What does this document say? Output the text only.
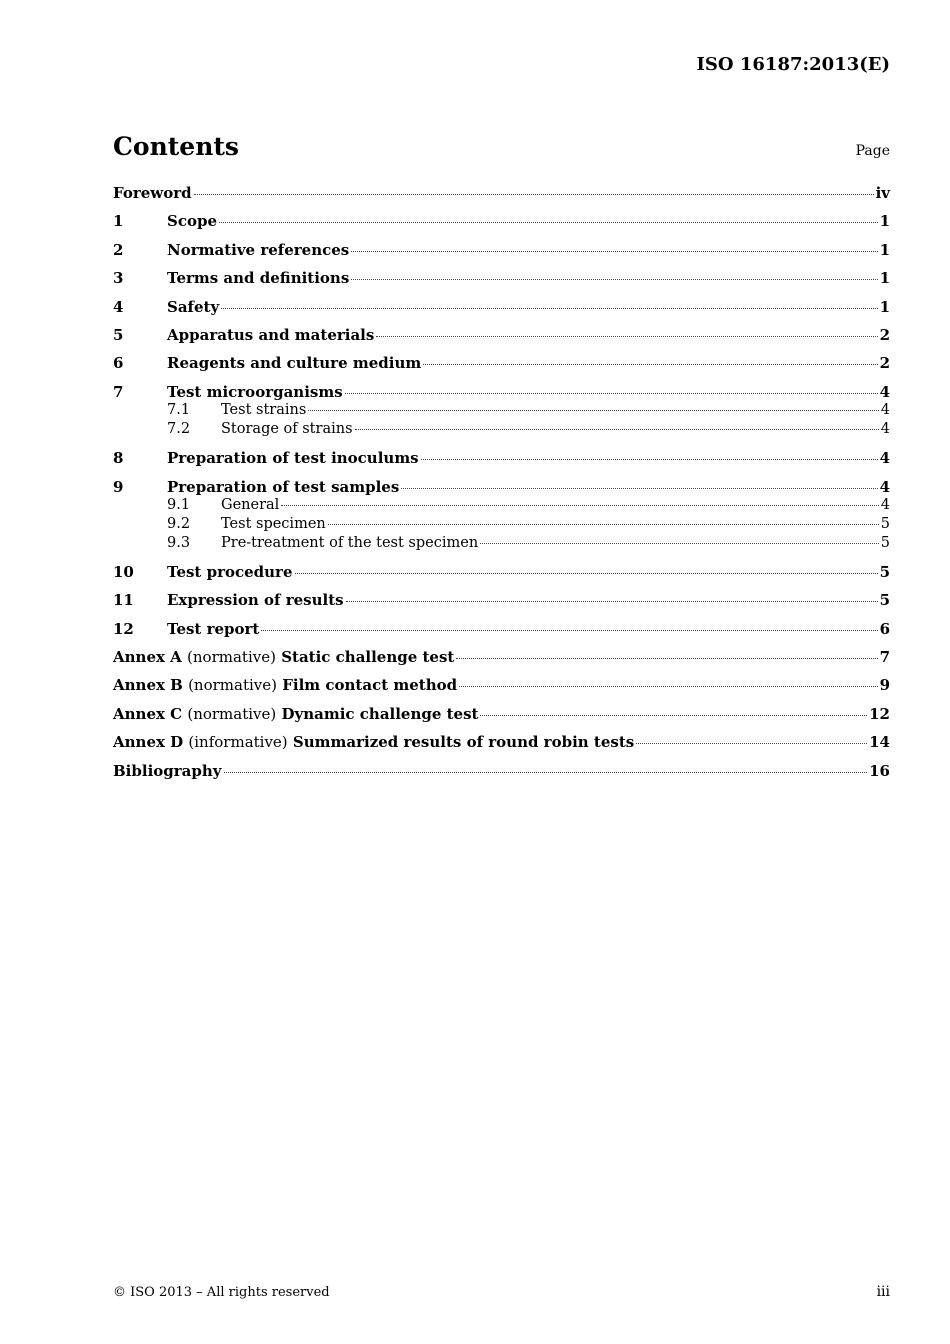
ISO 16187:2013(E)
Contents	Page
Foreword	iv
1	Scope	1
2	Normative references	1
3	Terms and definitions	1
4	Safety	1
5	Apparatus and materials	2
6	Reagents and culture medium	2
7	Test microorganisms	4
7.1	Test strains	4
7.2	Storage of strains	4
8	Preparation of test inoculums	4
9	Preparation of test samples	4
9.1	General	4
9.2	Test specimen	5
9.3	Pre-treatment of the test specimen	5
10	Test procedure	5
11	Expression of results	5
12	Test report	6
Annex A (normative) Static challenge test	7
Annex B (normative) Film contact method	9
Annex C (normative) Dynamic challenge test	12
Annex D (informative) Summarized results of round robin tests	14
Bibliography	16
© ISO 2013 – All rights reserved	iii
